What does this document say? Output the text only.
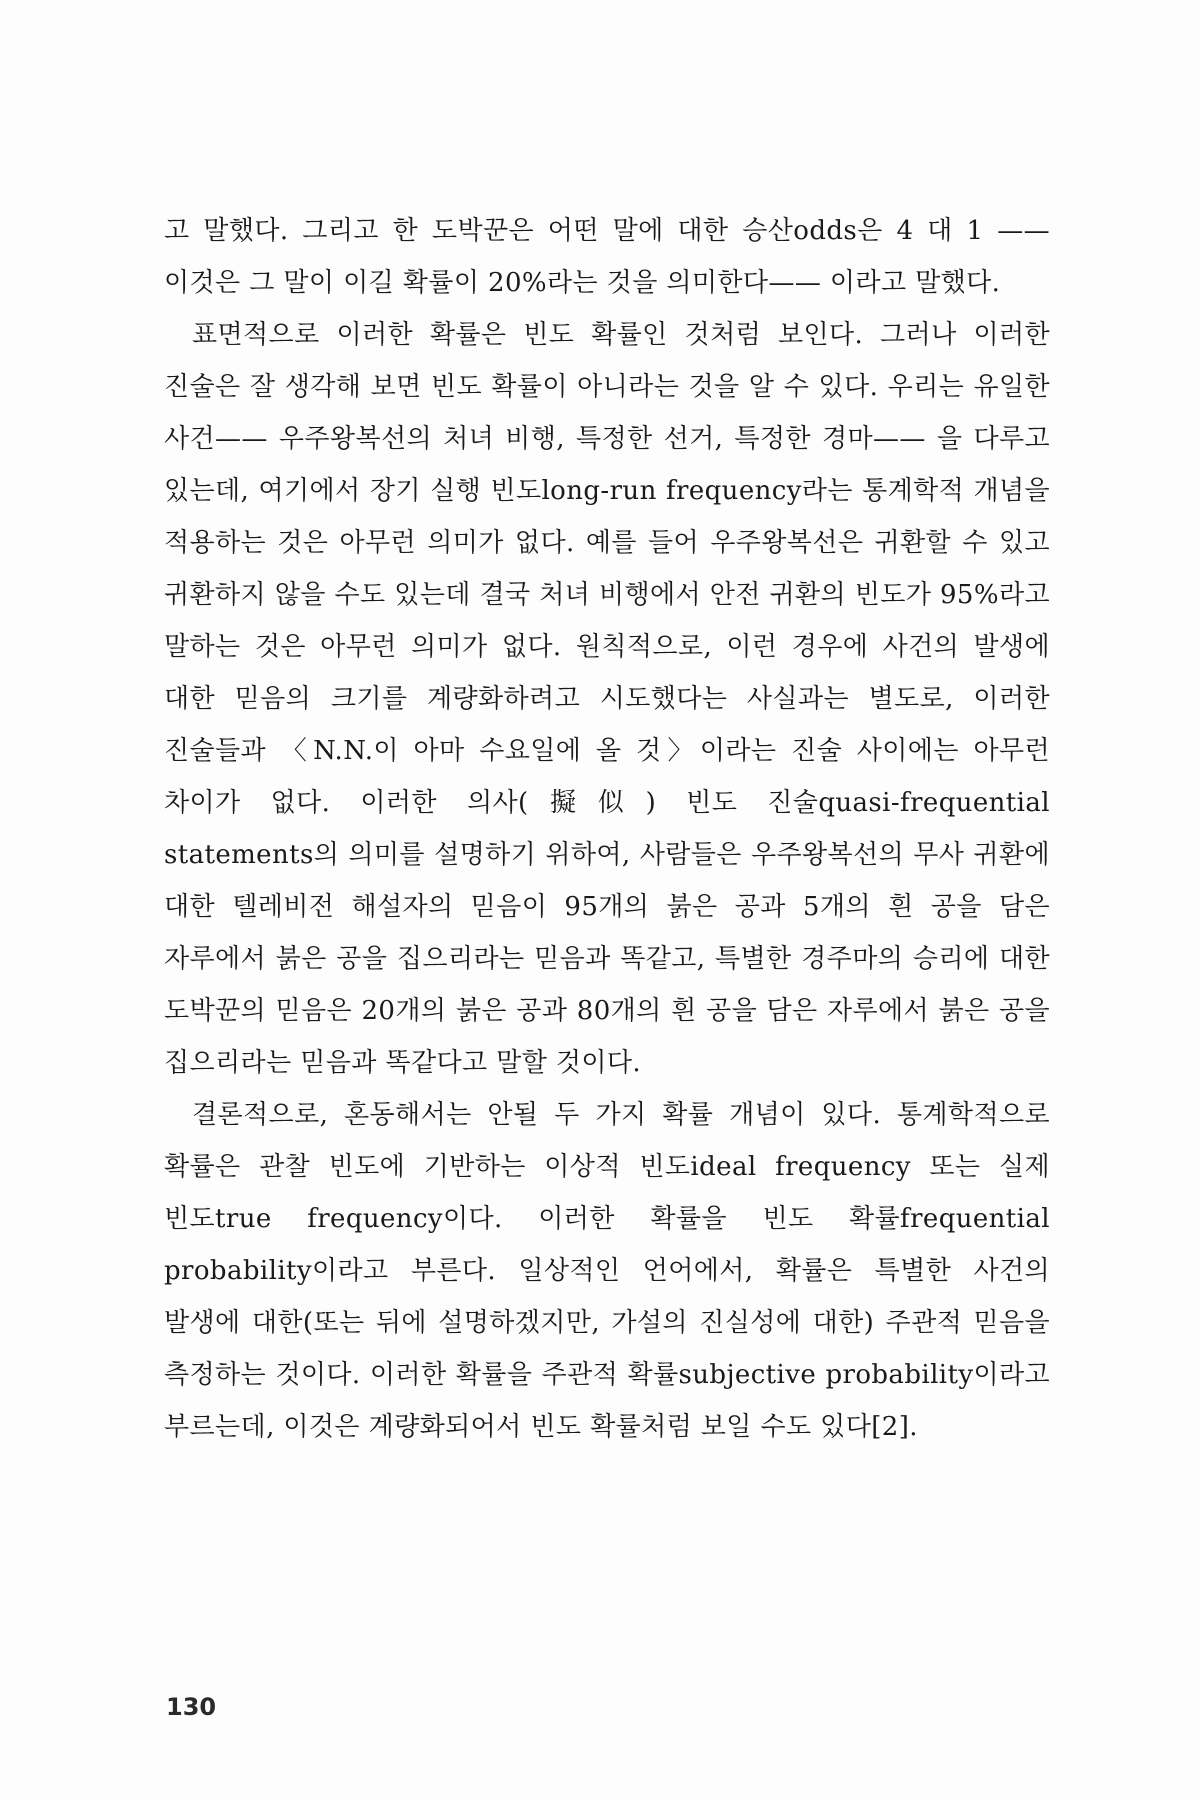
고 말했다. 그리고 한 도박꾼은 어떤 말에 대한 승산odds은 4 대 1 ——이것은 그 말이 이길 확률이 20%라는 것을 의미한다—— 이라고 말했다.

표면적으로 이러한 확률은 빈도 확률인 것처럼 보인다. 그러나 이러한 진술은 잘 생각해 보면 빈도 확률이 아니라는 것을 알 수 있다. 우리는 유일한 사건—— 우주왕복선의 처녀 비행, 특정한 선거, 특정한 경마—— 을 다루고 있는데, 여기에서 장기 실행 빈도long-run frequency라는 통계학적 개념을 적용하는 것은 아무런 의미가 없다. 예를 들어 우주왕복선은 귀환할 수 있고 귀환하지 않을 수도 있는데 결국 처녀 비행에서 안전 귀환의 빈도가 95%라고 말하는 것은 아무런 의미가 없다. 원칙적으로, 이런 경우에 사건의 발생에 대한 믿음의 크기를 계량화하려고 시도했다는 사실과는 별도로, 이러한 진술들과 〈N.N.이 아마 수요일에 올 것〉이라는 진술 사이에는 아무런 차이가 없다. 이러한 의사(擬似) 빈도 진술quasi-frequential statements의 의미를 설명하기 위하여, 사람들은 우주왕복선의 무사 귀환에 대한 텔레비전 해설자의 믿음이 95개의 붉은 공과 5개의 흰 공을 담은 자루에서 붉은 공을 집으리라는 믿음과 똑같고, 특별한 경주마의 승리에 대한 도박꾼의 믿음은 20개의 붉은 공과 80개의 흰 공을 담은 자루에서 붉은 공을 집으리라는 믿음과 똑같다고 말할 것이다.

결론적으로, 혼동해서는 안될 두 가지 확률 개념이 있다. 통계학적으로 확률은 관찰 빈도에 기반하는 이상적 빈도ideal frequency 또는 실제 빈도true frequency이다. 이러한 확률을 빈도 확률frequential probability이라고 부른다. 일상적인 언어에서, 확률은 특별한 사건의 발생에 대한(또는 뒤에 설명하겠지만, 가설의 진실성에 대한) 주관적 믿음을 측정하는 것이다. 이러한 확률을 주관적 확률subjective probability이라고 부르는데, 이것은 계량화되어서 빈도 확률처럼 보일 수도 있다[2].

130
